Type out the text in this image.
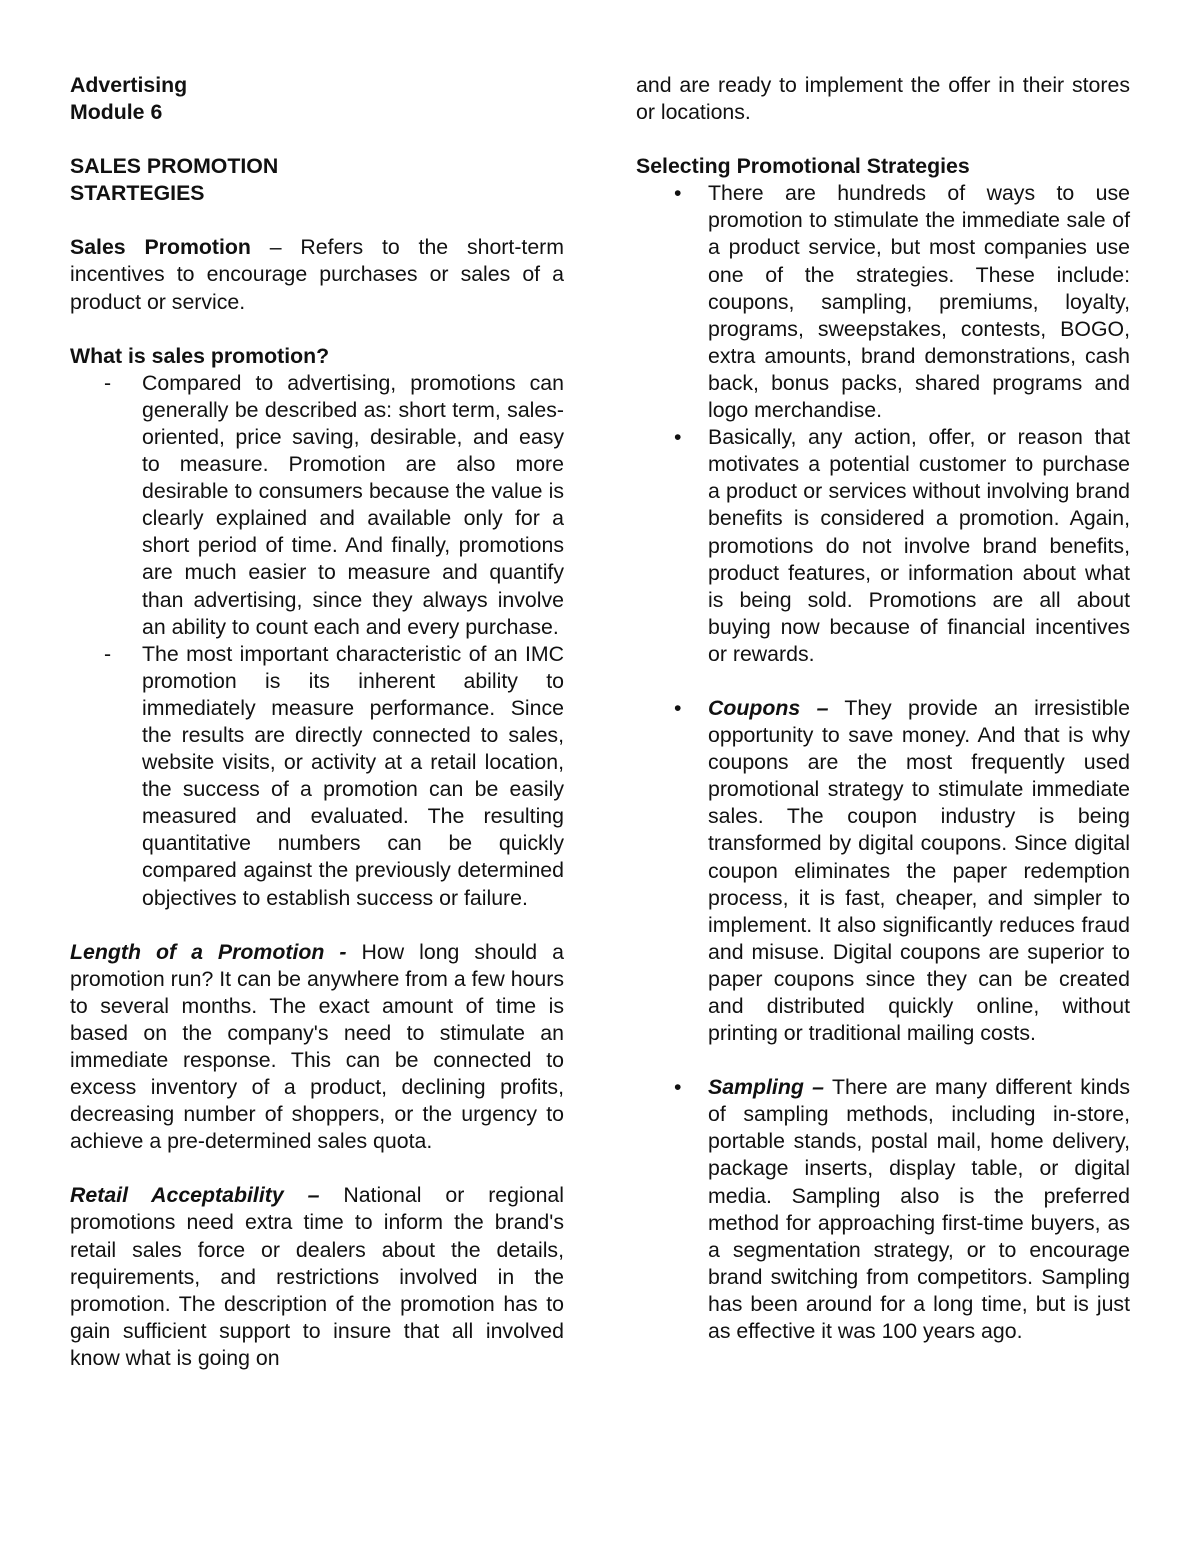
Advertising

Module 6

SALES PROMOTION

STARTEGIES

Sales Promotion – Refers to the short-term incentives to encourage purchases or sales of a product or service.

What is sales promotion?

- Compared to advertising, promotions can generally be described as: short term, sales-oriented, price saving, desirable, and easy to measure. Promotion are also more desirable to consumers because the value is clearly explained and available only for a short period of time. And finally, promotions are much easier to measure and quantify than advertising, since they always involve an ability to count each and every purchase.
- The most important characteristic of an IMC promotion is its inherent ability to immediately measure performance. Since the results are directly connected to sales, website visits, or activity at a retail location, the success of a promotion can be easily measured and evaluated. The resulting quantitative numbers can be quickly compared against the previously determined objectives to establish success or failure.

Length of a Promotion - How long should a promotion run? It can be anywhere from a few hours to several months. The exact amount of time is based on the company's need to stimulate an immediate response. This can be connected to excess inventory of a product, declining profits, decreasing number of shoppers, or the urgency to achieve a pre-determined sales quota.

Retail Acceptability – National or regional promotions need extra time to inform the brand's retail sales force or dealers about the details, requirements, and restrictions involved in the promotion. The description of the promotion has to gain sufficient support to insure that all involved know what is going on

and are ready to implement the offer in their stores or locations.

Selecting Promotional Strategies

• There are hundreds of ways to use promotion to stimulate the immediate sale of a product service, but most companies use one of the strategies. These include: coupons, sampling, premiums, loyalty, programs, sweepstakes, contests, BOGO, extra amounts, brand demonstrations, cash back, bonus packs, shared programs and logo merchandise.
• Basically, any action, offer, or reason that motivates a potential customer to purchase a product or services without involving brand benefits is considered a promotion. Again, promotions do not involve brand benefits, product features, or information about what is being sold. Promotions are all about buying now because of financial incentives or rewards.
• Coupons – They provide an irresistible opportunity to save money. And that is why coupons are the most frequently used promotional strategy to stimulate immediate sales. The coupon industry is being transformed by digital coupons. Since digital coupon eliminates the paper redemption process, it is fast, cheaper, and simpler to implement. It also significantly reduces fraud and misuse. Digital coupons are superior to paper coupons since they can be created and distributed quickly online, without printing or traditional mailing costs.
• Sampling – There are many different kinds of sampling methods, including in-store, portable stands, postal mail, home delivery, package inserts, display table, or digital media. Sampling also is the preferred method for approaching first-time buyers, as a segmentation strategy, or to encourage brand switching from competitors. Sampling has been around for a long time, but is just as effective it was 100 years ago.
